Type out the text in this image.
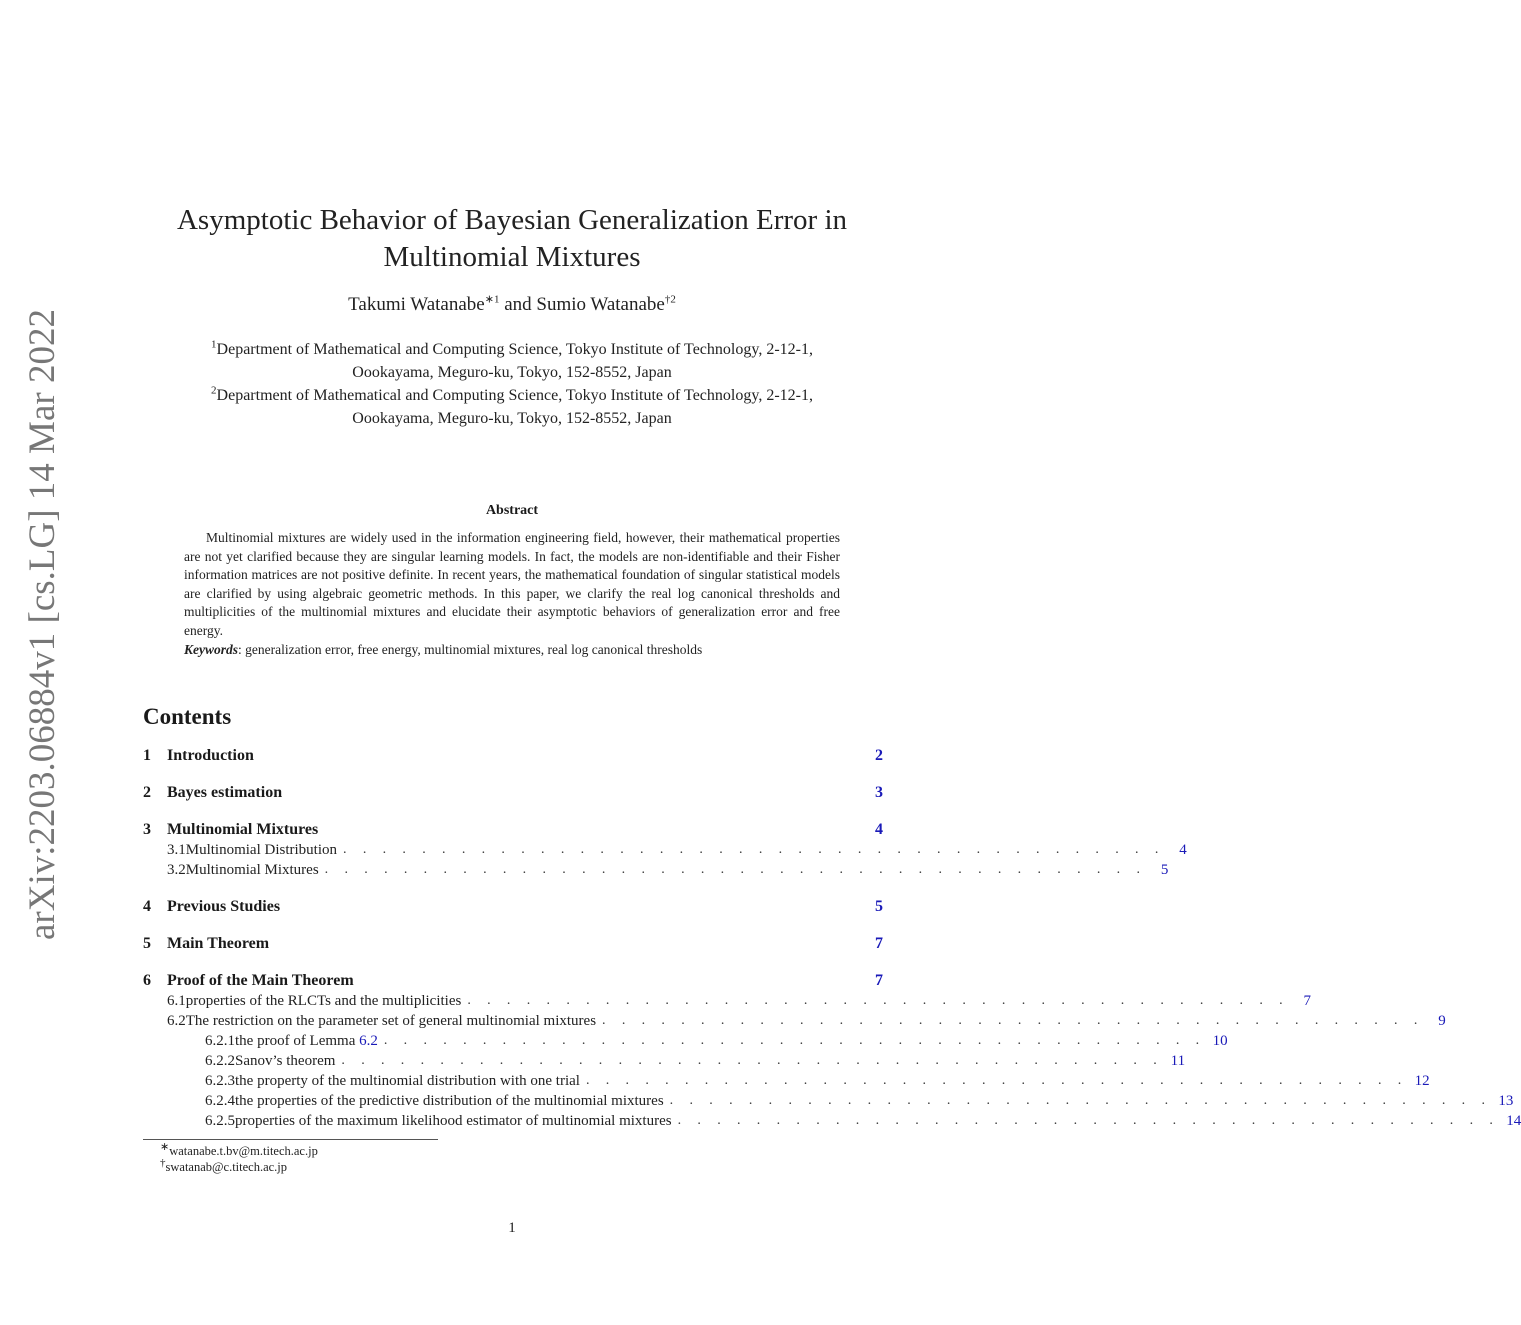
arXiv:2203.06884v1 [cs.LG] 14 Mar 2022
Asymptotic Behavior of Bayesian Generalization Error in
Multinomial Mixtures
Takumi Watanabe$^{∗1}$ and Sumio Watanabe$^{\dagger 2}$
$^1$Department of Mathematical and Computing Science, Tokyo Institute of Technology, 2-12-1,
Oookayama, Meguro-ku, Tokyo, 152-8552, Japan
$^2$Department of Mathematical and Computing Science, Tokyo Institute of Technology, 2-12-1,
Oookayama, Meguro-ku, Tokyo, 152-8552, Japan
Abstract

Multinomial mixtures are widely used in the information engineering field, however, their mathematical properties are not yet clarified because they are singular learning models. In fact, the models are non-identifiable and their Fisher information matrices are not positive definite. In recent years, the mathematical foundation of singular statistical models are clarified by using algebraic geometric methods. In this paper, we clarify the real log canonical thresholds and multiplicities of the multinomial mixtures and elucidate their asymptotic behaviors of generalization error and free energy.

Keywords: generalization error, free energy, multinomial mixtures, real log canonical thresholds
Contents
1	Introduction	2
2	Bayes estimation	3
3	Multinomial Mixtures	4
3.1 Multinomial Distribution . . . . . . . . . . . . . . . . . . . . . . . . . . . . . . . . . . . . . . . . . . 4
3.2 Multinomial Mixtures . . . . . . . . . . . . . . . . . . . . . . . . . . . . . . . . . . . . . . . . . . 5
4	Previous Studies	5
5	Main Theorem	7
6	Proof of the Main Theorem	7
6.1 properties of the RLCTs and the multiplicities . . . . . . . . . . . . . . . . . . . . . . . . . . . . . . . . . . . . . . . . . . 7
6.2 The restriction on the parameter set of general multinomial mixtures . . . . . . . . . . . . . . . . . . . . . . . . . . . . . . . . . . . . . . . . . . 9
6.2.1 the proof of Lemma 6.2 . . . . . . . . . . . . . . . . . . . . . . . . . . . . . . . . . . . . . . . . . . 10
6.2.2 Sanov’s theorem . . . . . . . . . . . . . . . . . . . . . . . . . . . . . . . . . . . . . . . . . . 11
6.2.3 the property of the multinomial distribution with one trial . . . . . . . . . . . . . . . . . . . . . . . . . . . . . . . . . . . . . . . . . . 12
6.2.4 the properties of the predictive distribution of the multinomial mixtures . . . . . . . . . . . . . . . . . . . . . . . . . . . . . . . . . . . . . . . . . . 13
6.2.5 properties of the maximum likelihood estimator of multinomial mixtures . . . . . . . . . . . . . . . . . . . . . . . . . . . . . . . . . . . . . . . . . . 14
∗watanabe.t.bv@m.titech.ac.jp
†swatanab@c.titech.ac.jp
1
